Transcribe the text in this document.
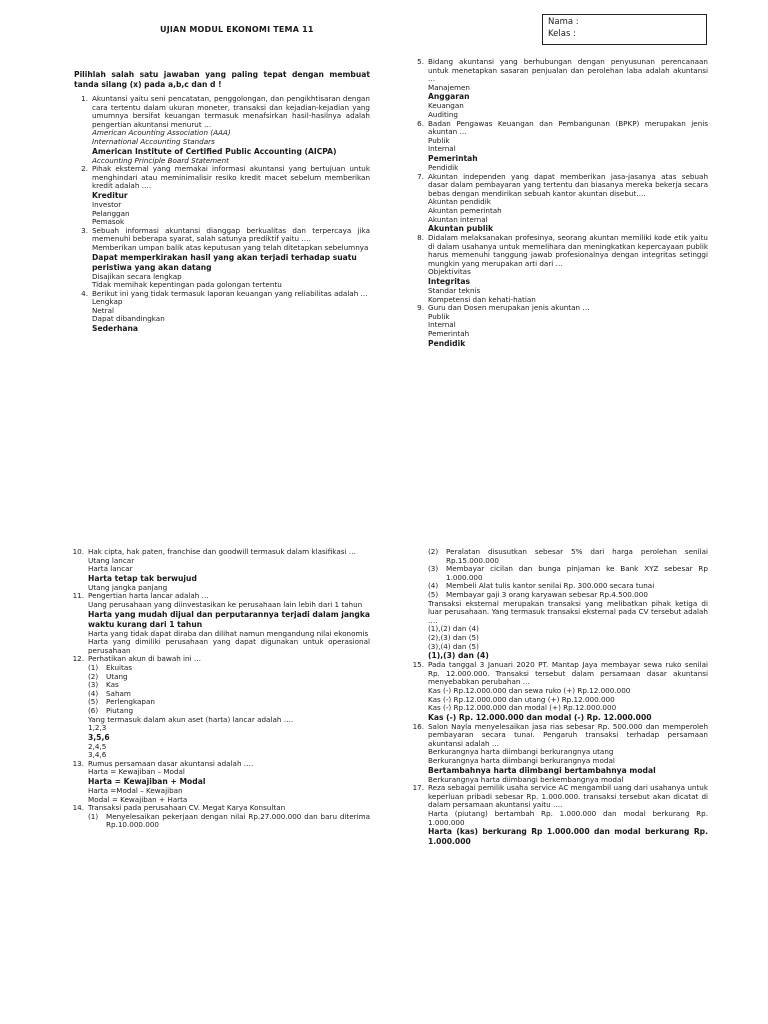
UJIAN MODUL EKONOMI TEMA 11
Nama :
Kelas :
Pilihlah salah satu jawaban yang paling tepat dengan membuat tanda silang (x) pada a,b,c dan d !
1. Akuntansi yaitu seni pencatatan, penggolongan, dan pengikhtisaran dengan cara tertentu dalam ukuran moneter, transaksi dan kejadian-kejadian yang umumnya bersifat keuangan termasuk menafsirkan hasil-hasilnya adalah pengertian akuntansi menurut …
American Acounting Association (AAA)
International Accounting Standars
American Institute of Certified Public Accounting (AICPA)
Accounting Principle Board Statement
2. Pihak eksternal yang memakai informasi akuntansi yang bertujuan untuk menghindari atau meminimalisir resiko kredit macet sebelum memberikan kredit adalah ….
Kreditur
Investor
Pelanggan
Pemasok
3. Sebuah informasi akuntansi dianggap berkualitas dan terpercaya jika memenuhi beberapa syarat, salah satunya prediktif yaitu ….
Memberikan umpan balik atas keputusan yang telah ditetapkan sebelumnya
Dapat memperkirakan hasil yang akan terjadi terhadap suatu peristiwa yang akan datang
Disajikan secara lengkap
Tidak memihak kepentingan pada golongan tertentu
4. Berikut ini yang tidak termasuk laporan keuangan yang reliabilitas adalah …
Lengkap
Netral
Dapat dibandingkan
Sederhana
5. Bidang akuntansi yang berhubungan dengan penyusunan perencanaan untuk menetapkan sasaran penjualan dan perolehan laba adalah akuntansi …
Manajemen
Anggaran
Keuangan
Auditing
6. Badan Pengawas Keuangan dan Pembangunan (BPKP) merupakan jenis akuntan …
Publik
Internal
Pemerintah
Pendidik
7. Akuntan independen yang dapat memberikan jasa-jasanya atas sebuah dasar dalam pembayaran yang tertentu dan biasanya mereka bekerja secara bebas dengan mendirikan sebuah kantor akuntan disebut….
Akuntan pendidik
Akuntan pemerintah
Akuntan internal
Akuntan publik
8. Didalam melaksanakan profesinya, seorang akuntan memiliki kode etik yaitu di dalam usahanya untuk memelihara dan meningkatkan kepercayaan publik harus memenuhi tanggung jawab profesionalnya dengan integritas setinggi mungkin yang merupakan arti dari …
Objektivitas
Integritas
Standar teknis
Kompetensi dan kehati-hatian
9. Guru dan Dosen merupakan jenis akuntan …
Publik
Internal
Pemerintah
Pendidik
10. Hak cipta, hak paten, franchise dan goodwill termasuk dalam klasifikasi …
Utang lancar
Harta lancar
Harta tetap tak berwujud
Utang jangka panjang
11. Pengertian harta lancar adalah …
Uang perusahaan yang diinvestasikan ke perusahaan lain lebih dari 1 tahun
Harta yang mudah dijual dan perputarannya terjadi dalam jangka waktu kurang dari 1 tahun
Harta yang tidak dapat diraba dan dilihat namun mengandung nilai ekonomis
Harta yang dimiliki perusahaan yang dapat digunakan untuk operasional perusahaan
12. Perhatikan akun di bawah ini …
(1)	Ekuitas
(2)	Utang
(3)	Kas
(4)	Saham
(5)	Perlengkapan
(6)	Piutang
Yang termasuk dalam akun aset (harta) lancar adalah ….
1,2,3
3,5,6
2,4,5
3,4,6
13. Rumus persamaan dasar akuntansi adalah ….
Harta = Kewajiban – Modal
Harta = Kewajiban + Modal
Harta =Modal – Kewajiban
Modal = Kewajiban + Harta
14. Transaksi pada perusahaan CV. Megat Karya Konsultan
(1)	Menyelesaikan pekerjaan dengan nilai Rp.27.000.000 dan baru diterima Rp.10.000.000
(2)	Peralatan disusutkan sebesar 5% dari harga perolehan senilai Rp.15.000.000
(3)	Membayar cicilan dan bunga pinjaman ke Bank XYZ sebesar Rp 1.000.000
(4)	Membeli Alat tulis kantor senilai Rp. 300.000 secara tunai
(5)	Membayar gaji 3 orang karyawan sebesar Rp.4.500.000
Transaksi eksternal merupakan transaksi yang melibatkan pihak ketiga di luar perusahaan. Yang termasuk transaksi eksternal pada CV tersebut adalah ….
(1),(2) dan (4)
(2),(3) dan (5)
(3),(4) dan (5)
(1),(3) dan (4)
15. Pada tanggal 3 Januari 2020 PT. Mantap Jaya membayar sewa ruko senilai Rp. 12.000.000. Transaksi tersebut dalam persamaan dasar akuntansi menyebabkan perubahan …
Kas (-) Rp.12.000.000 dan sewa ruko (+) Rp.12.000.000
Kas (-) Rp.12.000.000 dan utang (+) Rp.12.000.000
Kas (-) Rp.12.000.000 dan modal (+) Rp.12.000.000
Kas (-) Rp. 12.000.000 dan modal (-) Rp. 12.000.000
16. Salon Nayla menyelesaikan jasa rias sebesar Rp. 500.000 dan memperoleh pembayaran secara tunai. Pengaruh transaksi terhadap persamaan akuntansi adalah …
Berkurangnya harta diimbangi berkurangnya utang
Berkurangnya harta diimbangi berkurangnya modal
Bertambahnya harta diimbangi bertambahnya modal
Berkurangnya harta diimbangi berkembangnya modal
17. Reza sebagai pemilik usaha service AC mengambil uang dari usahanya untuk keperluan pribadi sebesar Rp. 1.000.000. transaksi tersebut akan dicatat di dalam persamaan akuntansi yaitu ….
Harta (piutang) bertambah Rp. 1.000.000 dan modal berkurang Rp. 1.000.000
Harta (kas) berkurang Rp 1.000.000 dan modal berkurang Rp. 1.000.000
